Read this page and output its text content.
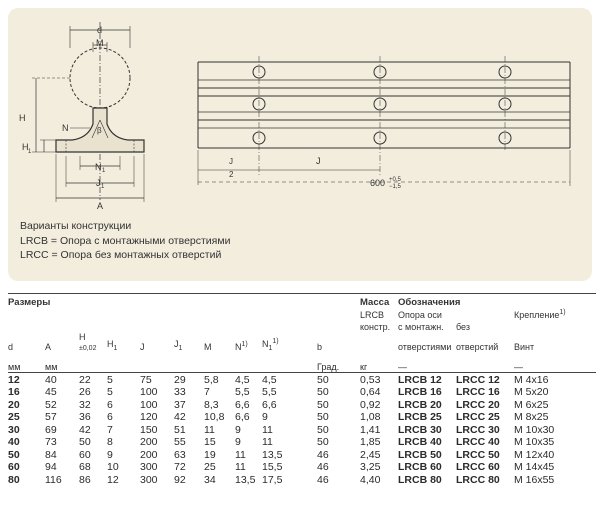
d
M
H
N	β
H 1
N 1
J 1
A
J
2
J
600 +0,5
−1,5
Варианты конструкции
LRCB = Опора с монтажными отверстиями
LRCC = Опора без монтажных отверстий
Размеры										Масса	Обозначения		
										LRCB	Опора оси		Крепление$^{1)}$
										констр.	с монтажн.	без	
d	A	H
±0,02	$H_1$	J	$J_1$	M	$N^{1)}$	$N_1^{1)}$	b		отверстиями	отверстий	Винт

мм	мм								Град.	кг	—		—
12	40	22	5	75	29	5,8	4,5	4,5	50	0,53	LRCB 12	LRCC 12	M 4x16
16	45	26	5	100	33	7	5,5	5,5	50	0,64	LRCB 16	LRCC 16	M 5x20
20	52	32	6	100	37	8,3	6,6	6,6	50	0,92	LRCB 20	LRCC 20	M 6x25
25	57	36	6	120	42	10,8	6,6	9	50	1,08	LRCB 25	LRCC 25	M 8x25
30	69	42	7	150	51	11	9	11	50	1,41	LRCB 30	LRCC 30	M 10x30
40	73	50	8	200	55	15	9	11	50	1,85	LRCB 40	LRCC 40	M 10x35
50	84	60	9	200	63	19	11	13,5	46	2,45	LRCB 50	LRCC 50	M 12x40
60	94	68	10	300	72	25	11	15,5	46	3,25	LRCB 60	LRCC 60	M 14x45
80	116	86	12	300	92	34	13,5	17,5	46	4,40	LRCB 80	LRCC 80	M 16x55
